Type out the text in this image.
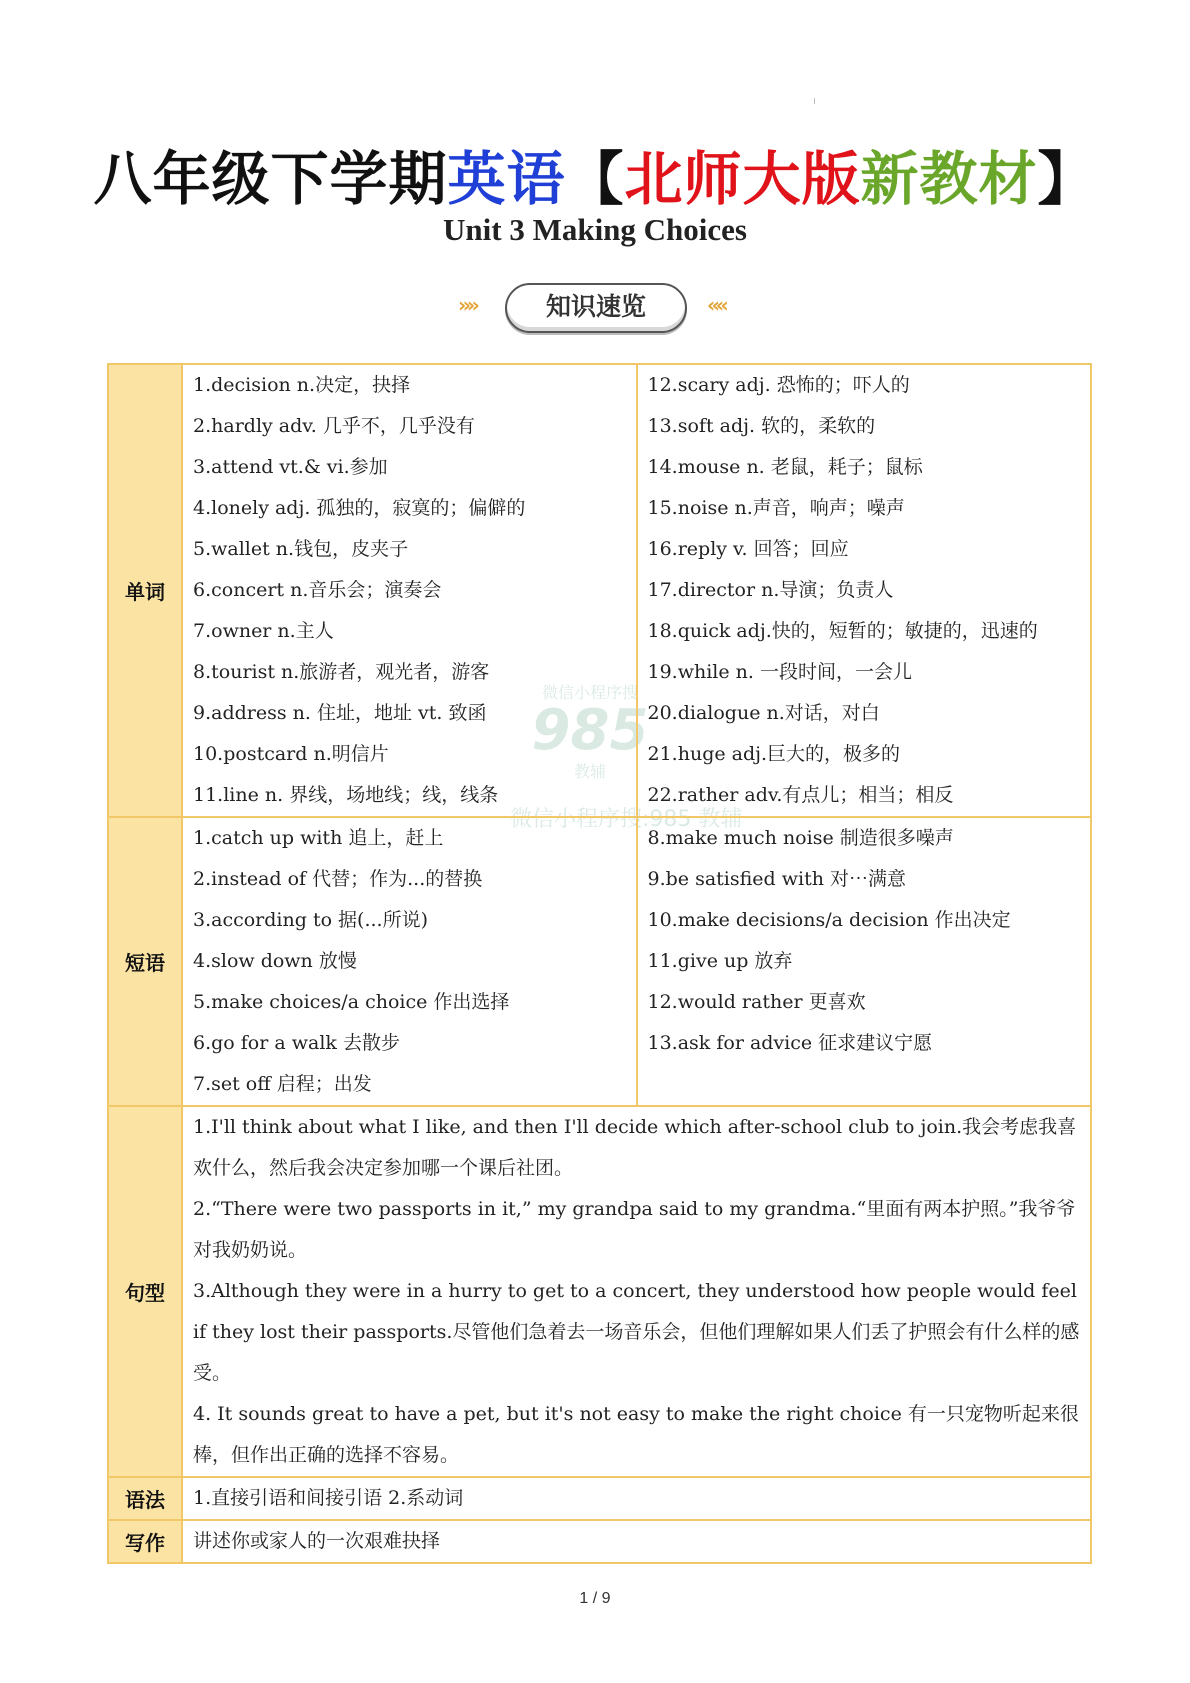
八年级下学期英语【北师大版新教材】
Unit 3 Making Choices
»»	知识速览	««
微信小程序搜
985
教辅
微信小程序搜:985 教辅
单词
1.decision n.决定，抉择
2.hardly adv. 几乎不，几乎没有
3.attend vt.& vi.参加
4.lonely adj. 孤独的，寂寞的；偏僻的
5.wallet n.钱包，皮夹子
6.concert n.音乐会；演奏会
7.owner n.主人
8.tourist n.旅游者，观光者，游客
9.address n. 住址，地址 vt. 致函
10.postcard n.明信片
11.line n. 界线，场地线；线，线条
12.scary adj. 恐怖的；吓人的
13.soft adj. 软的，柔软的
14.mouse n. 老鼠，耗子；鼠标
15.noise n.声音，响声；噪声
16.reply v. 回答；回应
17.director n.导演；负责人
18.quick adj.快的，短暂的；敏捷的，迅速的
19.while n. 一段时间，一会儿
20.dialogue n.对话，对白
21.huge adj.巨大的，极多的
22.rather adv.有点儿；相当；相反
短语
1.catch up with 追上，赶上
2.instead of 代替；作为...的替换
3.according to 据(...所说)
4.slow down 放慢
5.make choices/a choice 作出选择
6.go for a walk 去散步
7.set off 启程；出发
8.make much noise 制造很多噪声
9.be satisfied with 对⋯满意
10.make decisions/a decision 作出决定
11.give up 放弃
12.would rather 更喜欢
13.ask for advice 征求建议宁愿
句型
1.I'll think about what I like, and then I'll decide which after-school club to join.我会考虑我喜欢什么，然后我会决定参加哪一个课后社团。
2.“There were two passports in it,” my grandpa said to my grandma.“里面有两本护照。”我爷爷对我奶奶说。
3.Although they were in a hurry to get to a concert, they understood how people would feel if they lost their passports.尽管他们急着去一场音乐会，但他们理解如果人们丢了护照会有什么样的感受。
4. It sounds great to have a pet, but it's not easy to make the right choice 有一只宠物听起来很棒，但作出正确的选择不容易。
语法	1.直接引语和间接引语 2.系动词
写作	讲述你或家人的一次艰难抉择
1 / 9
